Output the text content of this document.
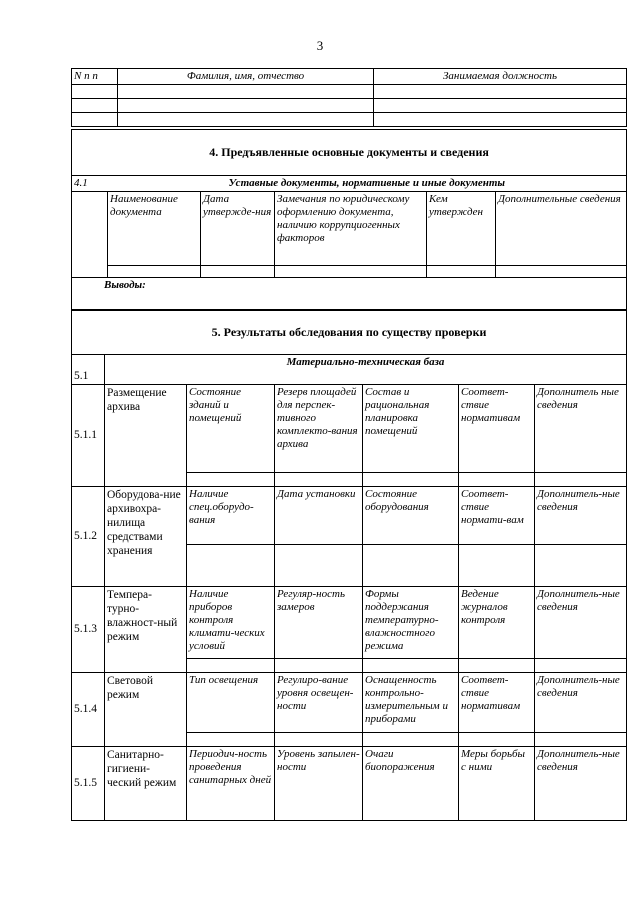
3
N п п	Фамилия, имя, отчество	Занимаемая должность

4. Предъявленные основные документы и сведения					
4.1	Уставные документы, нормативные и иные документы				
	Наименование документа	Дата утвержде-ния	Замечания по юридическому оформлению документа, наличию коррупциогенных факторов	Кем утвержден	Дополнительные сведения

Выводы:					
5. Результаты обследования по существу проверки						
5.1	Материально-техническая база					
5.1.1	Размещение архива	Состояние зданий и помещений	Резерв площадей для перспек-тивного комплекто-вания архива	Состав и рациональная планировка помещений	Соответ-ствие нормативам	Дополнитель ные сведения

5.1.2	Оборудова-ние архивохра-нилища средствами хранения	Наличие спец.оборудо-вания	Дата установки	Состояние оборудования	Соответ-ствие нормати-вам	Дополнитель-ные сведения

5.1.3	Темпера-турно-влажност-ный режим	Наличие приборов контроля климати-ческих условий	Регуляр-ность замеров	Формы поддержания температурно-влажностного режима	Ведение журналов контроля	Дополнитель-ные сведения

5.1.4	Световой режим	Тип освещения	Регулиро-вание уровня освещен-ности	Оснащенность контрольно-измерительным и приборами	Соответ-ствие нормативам	Дополнитель-ные сведения

5.1.5	Санитарно-гигиени-ческий режим	Периодич-ность проведения санитарных дней	Уровень запылен-ности	Очаги биопоражения	Меры борьбы с ними	Дополнитель-ные сведения
